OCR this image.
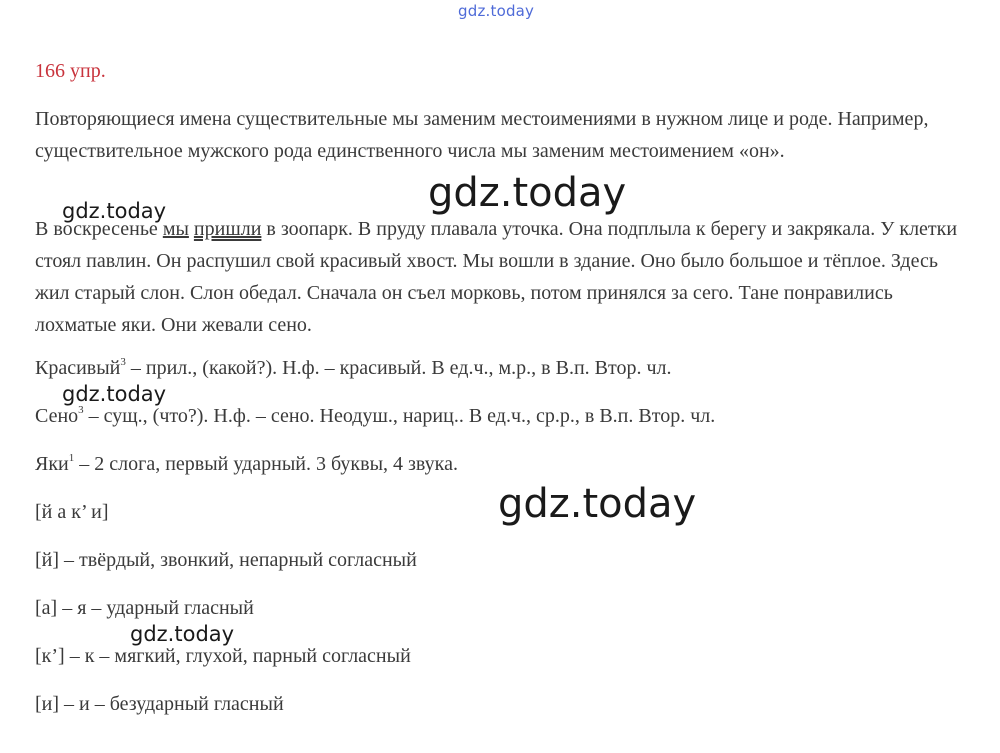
gdz.today
166 упр.

Повторяющиеся имена существительные мы заменим местоимениями в нужном лице и роде. Например, существительное мужского рода единственного числа мы заменим местоимением «он».

В воскресенье мы пришли в зоопарк. В пруду плавала уточка. Она подплыла к берегу и закрякала. У клетки стоял павлин. Он распушил свой красивый хвост. Мы вошли в здание. Оно было большое и тёплое. Здесь жил старый слон. Слон обедал. Сначала он съел морковь, потом принялся за сего. Тане понравились лохматые яки. Они жевали сено.

Красивый$^3$ – прил., (какой?). Н.ф. – красивый. В ед.ч., м.р., в В.п. Втор. чл.
Сено$^3$ – сущ., (что?). Н.ф. – сено. Неодуш., нариц.. В ед.ч., ср.р., в В.п. Втор. чл.
Яки$^1$ – 2 слога, первый ударный. 3 буквы, 4 звука.
[й а к’ и]
[й] – твёрдый, звонкий, непарный согласный
[а] – я – ударный гласный
[к’] – к – мягкий, глухой, парный согласный
[и] – и – безударный гласный
gdz.today
gdz.today
gdz.today
gdz.today
gdz.today
